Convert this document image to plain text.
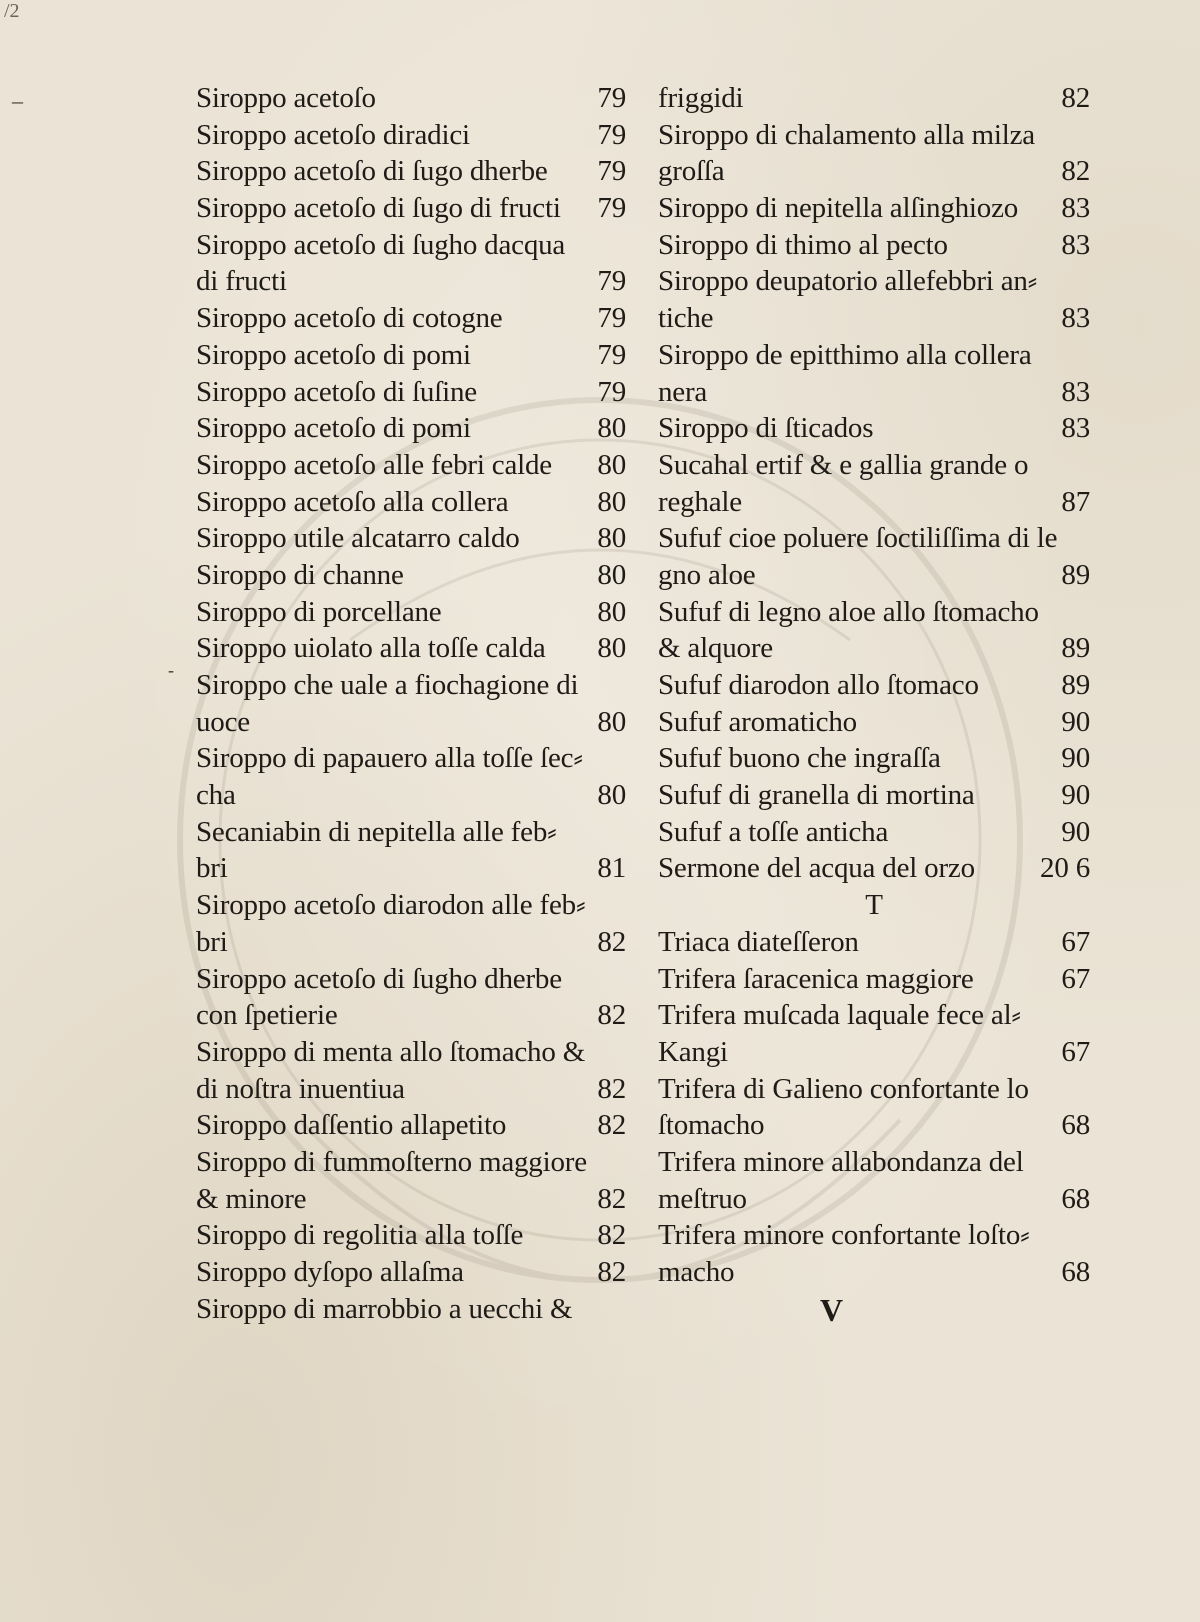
/2
–
-
Siroppo acetoſo	79
Siroppo acetoſo diradici	79
Siroppo acetoſo di ſugo dherbe 79
Siroppo acetoſo di ſugo di fructi 79
Siroppo acetoſo di ſugho dacqua
di fructi	79
Siroppo acetoſo di cotogne	79
Siroppo acetoſo di pomi	79
Siroppo acetoſo di ſuſine	79
Siroppo acetoſo di pomi	80
Siroppo acetoſo alle febri calde 80
Siroppo acetoſo alla collera	80
Siroppo utile alcatarro caldo	80
Siroppo di channe	80
Siroppo di porcellane	80
Siroppo uiolato alla toſſe calda 80
Siroppo che uale a fiochagione di
uoce	80
Siroppo di papauero alla toſſe ſec⸗
cha	80
Secaniabin di nepitella alle feb⸗
bri	81
Siroppo acetoſo diarodon alle feb⸗
bri	82
Siroppo acetoſo di ſugho dherbe
con ſpetierie	82
Siroppo di menta allo ſtomacho &
di noſtra inuentiua	82
Siroppo daſſentio allapetito	82
Siroppo di fummoſterno maggiore
& minore	82
Siroppo di regolitia alla toſſe	82
Siroppo dyſopo allaſma	82
Siroppo di marrobbio a uecchi &
friggidi	82
Siroppo di chalamento alla milza
groſſa	82
Siroppo di nepitella alſinghiozo 83
Siroppo di thimo al pecto	83
Siroppo deupatorio allefebbri an⸗
tiche	83
Siroppo de epitthimo alla collera
nera	83
Siroppo di ſticados	83
Sucahal ertif & e gallia grande o
reghale	87
Sufuf cioe poluere ſoctiliſſima di le
gno aloe	89
Sufuf di legno aloe allo ſtomacho
& alquore	89
Sufuf diarodon allo ſtomaco	89
Sufuf aromaticho	90
Sufuf buono che ingraſſa	90
Sufuf di granella di mortina	90
Sufuf a toſſe anticha	90
Sermone del acqua del orzo 20 6
T
Triaca diateſſeron	67
Trifera ſaracenica maggiore	67
Trifera muſcada laquale fece al⸗
Kangi	67
Trifera di Galieno confortante lo
ſtomacho	68
Trifera minore allabondanza del
meſtruo	68
Trifera minore confortante loſto⸗
macho	68
V
